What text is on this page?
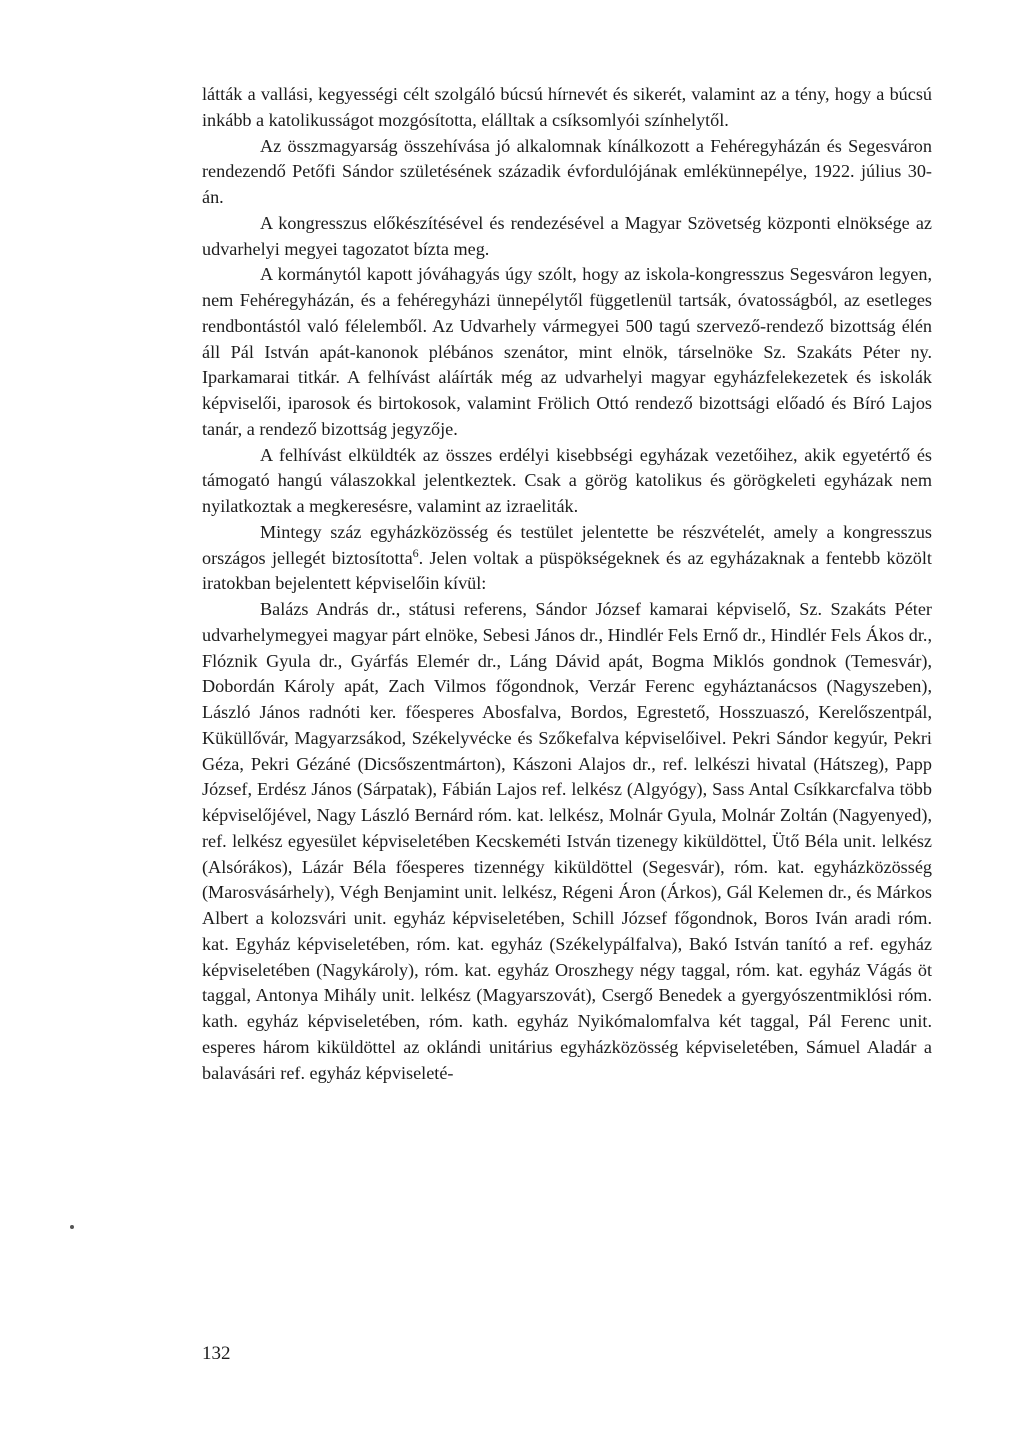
látták a vallási, kegyességi célt szolgáló búcsú hírnevét és sikerét, valamint az a tény, hogy a búcsú inkább a katolikusságot mozgósította, elálltak a csíksomlyói színhelytől.

Az összmagyarság összehívása jó alkalomnak kínálkozott a Fehéregyházán és Segesváron rendezendő Petőfi Sándor születésének századik évfordulójának emlékünnepélye, 1922. július 30-án.

A kongresszus előkészítésével és rendezésével a Magyar Szövetség központi elnöksége az udvarhelyi megyei tagozatot bízta meg.

A kormánytól kapott jóváhagyás úgy szólt, hogy az iskola-kongresszus Segesváron legyen, nem Fehéregyházán, és a fehéregyházi ünnepélytől függetlenül tartsák, óvatosságból, az esetleges rendbontástól való félelemből. Az Udvarhely vármegyei 500 tagú szervező-rendező bizottság élén áll Pál István apát-kanonok plébános szenátor, mint elnök, társelnöke Sz. Szakáts Péter ny. Iparkamarai titkár. A felhívást aláírták még az udvarhelyi magyar egyházfelekezetek és iskolák képviselői, iparosok és birtokosok, valamint Frölich Ottó rendező bizottsági előadó és Bíró Lajos tanár, a rendező bizottság jegyzője.

A felhívást elküldték az összes erdélyi kisebbségi egyházak vezetőihez, akik egyetértő és támogató hangú válaszokkal jelentkeztek. Csak a görög katolikus és görögkeleti egyházak nem nyilatkoztak a megkeresésre, valamint az izraeliták.

Mintegy száz egyházközösség és testület jelentette be részvételét, amely a kongresszus országos jellegét biztosította$^6$. Jelen voltak a püspökségeknek és az egyházaknak a fentebb közölt iratokban bejelentett képviselőin kívül:

Balázs András dr., státusi referens, Sándor József kamarai képviselő, Sz. Szakáts Péter udvarhelymegyei magyar párt elnöke, Sebesi János dr., Hindlér Fels Ernő dr., Hindlér Fels Ákos dr., Flóznik Gyula dr., Gyárfás Elemér dr., Láng Dávid apát, Bogma Miklós gondnok (Temesvár), Dobordán Károly apát, Zach Vilmos főgondnok, Verzár Ferenc egyháztanácsos (Nagyszeben), László János radnóti ker. főesperes Abosfalva, Bordos, Egrestető, Hosszuaszó, Kerelőszentpál, Küküllővár, Magyarzsákod, Székelyvécke és Szőkefalva képviselőivel. Pekri Sándor kegyúr, Pekri Géza, Pekri Gézáné (Dicsőszentmárton), Kászoni Alajos dr., ref. lelkészi hivatal (Hátszeg), Papp József, Erdész János (Sárpatak), Fábián Lajos ref. lelkész (Algyógy), Sass Antal Csíkkarcfalva több képviselőjével, Nagy László Bernárd róm. kat. lelkész, Molnár Gyula, Molnár Zoltán (Nagyenyed), ref. lelkész egyesület képviseletében Kecskeméti István tizenegy kiküldöttel, Ütő Béla unit. lelkész (Alsórákos), Lázár Béla főesperes tizennégy kiküldöttel (Segesvár), róm. kat. egyházközösség (Marosvásárhely), Végh Benjamint unit. lelkész, Régeni Áron (Árkos), Gál Kelemen dr., és Márkos Albert a kolozsvári unit. egyház képviseletében, Schill József főgondnok, Boros Iván aradi róm. kat. Egyház képviseletében, róm. kat. egyház (Székelypálfalva), Bakó István tanító a ref. egyház képviseletében (Nagykároly), róm. kat. egyház Oroszhegy négy taggal, róm. kat. egyház Vágás öt taggal, Antonya Mihály unit. lelkész (Magyarszovát), Csergő Benedek a gyergyószentmiklósi róm. kath. egyház képviseletében, róm. kath. egyház Nyikómalomfalva két taggal, Pál Ferenc unit. esperes három kiküldöttel az oklándi unitárius egyházközösség képviseletében, Sámuel Aladár a balavásári ref. egyház képviseleté-

132
